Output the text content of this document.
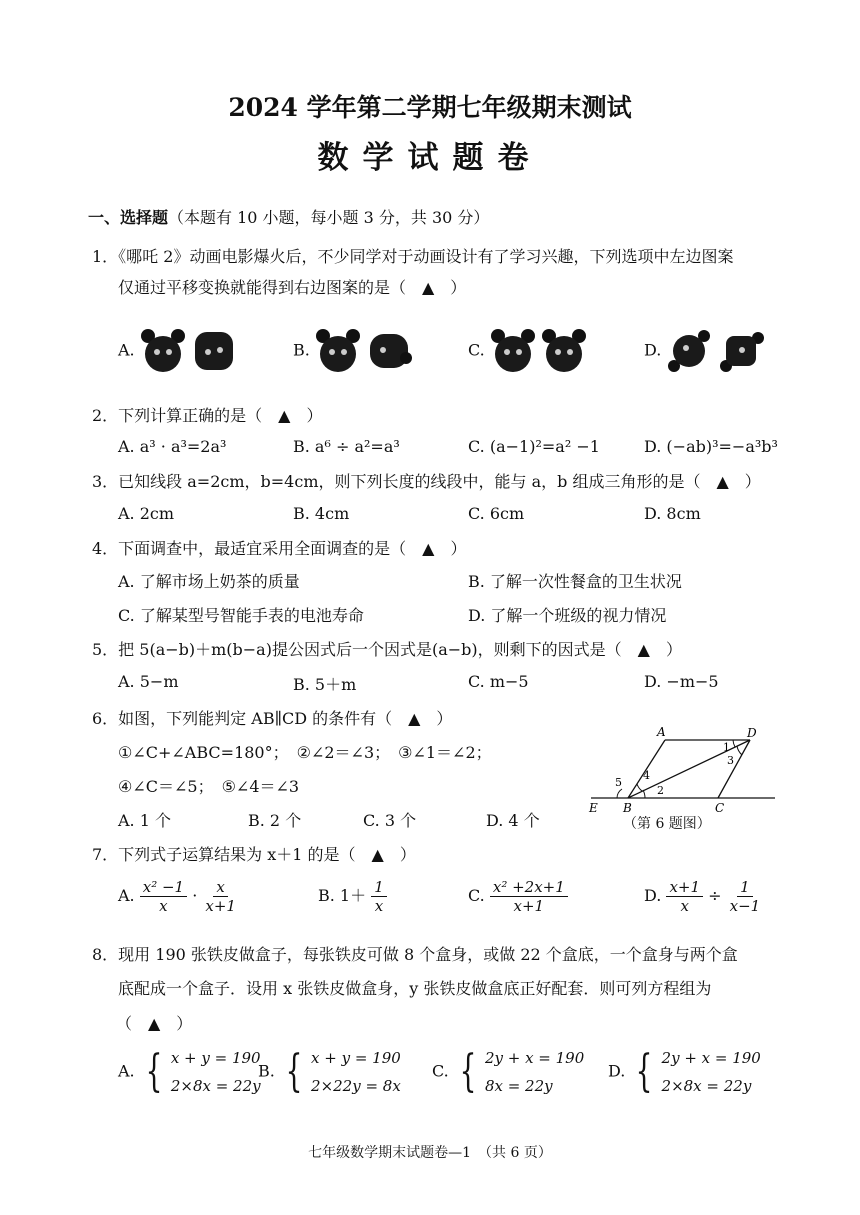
2024 学年第二学期七年级期末测试
数学试题卷
一、选择题（本题有 10 小题，每小题 3 分，共 30 分）
1．《哪吒 2》动画电影爆火后，不少同学对于动画设计有了学习兴趣，下列选项中左边图案
仅通过平移变换就能得到右边图案的是（　▲　）
A.	B.	C.	D.
2．下列计算正确的是（　▲　）
A. a³ · a³=2a³	B. a⁶ ÷ a²=a³	C. (a−1)²=a² −1	D. (−ab)³=−a³b³
3．已知线段 a=2cm，b=4cm，则下列长度的线段中，能与 a，b 组成三角形的是（　▲　）
A. 2cm	B. 4cm	C. 6cm	D. 8cm
4．下面调查中，最适宜采用全面调查的是（　▲　）
A. 了解市场上奶茶的质量	B. 了解一次性餐盒的卫生状况
C. 了解某型号智能手表的电池寿命	D. 了解一个班级的视力情况
5．把 5(a−b)＋m(b−a)提公因式后一个因式是(a−b)，则剩下的因式是（　▲　）
A. 5−m	B. 5＋m	C. m−5	D. −m−5
6．如图，下列能判定 AB∥CD 的条件有（　▲　）
①∠C+∠ABC=180°；　②∠2＝∠3；　③∠1＝∠2；
④∠C＝∠5；　⑤∠4＝∠3
A. 1 个	B. 2 个	C. 3 个	D. 4 个
A	D
E B	C
1
2
3
4
5
（第 6 题图）
7．下列式子运算结果为 x＋1 的是（　▲　）
A. $\frac{\text{x² −1}}{x} \cdot \frac{x}{x+1}$	B. $1+ \frac{1}{x}$	C. $\frac{\text{x² +2x+1}}{x+1}$	D. $\frac{x+1}{x} \div \frac{1}{x-1}$
8．现用 190 张铁皮做盒子，每张铁皮可做 8 个盒身，或做 22 个盒底，一个盒身与两个盒
底配成一个盒子．设用 x 张铁皮做盒身，y 张铁皮做盒底正好配套．则可列方程组为
（　▲　）
A. { x + y = 190
2×8x = 22y
B. { x + y = 190
2×22y = 8x
C. { 2y + x = 190
8x = 22y
D. { 2y + x = 190
2×8x = 22y
七年级数学期末试题卷—1　（共 6 页）
